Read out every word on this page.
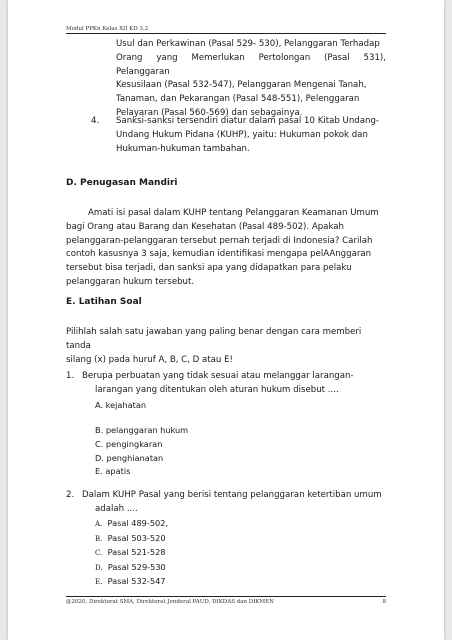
Modul PPKn Kelas XII KD 3.2
Usul dan Perkawinan (Pasal 529- 530), Pelanggaran Terhadap
Orang yang Memerlukan Pertolongan (Pasal 531), Pelanggaran
Kesusilaan (Pasal 532-547), Pelanggaran Mengenai Tanah,
Tanaman, dan Pekarangan (Pasal 548-551), Pelenggaran
Pelayaran (Pasal 560-569) dan sebagainya.
4.	Sanksi-sanksi tersendiri diatur dalam pasal 10 Kitab Undang-
Undang Hukum Pidana (KUHP), yaitu: Hukuman pokok dan
Hukuman-hukuman tambahan.
D. Penugasan Mandiri
Amati isi pasal dalam KUHP tentang Pelanggaran Keamanan Umum
bagi Orang atau Barang dan Kesehatan (Pasal 489-502). Apakah
pelanggaran-pelanggaran tersebut pernah terjadi di Indonesia? Carilah
contoh kasusnya 3 saja, kemudian identifikasi mengapa pelAAnggaran
tersebut bisa terjadi, dan sanksi apa yang didapatkan para pelaku
pelanggaran hukum tersebut.
E. Latihan Soal
Pilihlah salah satu jawaban yang paling benar dengan cara memberi tanda
silang (x) pada huruf A, B, C, D atau E!
1. Berupa perbuatan yang tidak sesuai atau melanggar larangan-
larangan yang ditentukan oleh aturan hukum disebut ....
A. kejahatan
B. pelanggaran hukum
C. pengingkaran
D. penghianatan
E. apatis
2. Dalam KUHP Pasal yang berisi tentang pelanggaran ketertiban umum
adalah ....
A. Pasal 489-502,
B. Pasal 503-520
C. Pasal 521-528
D. Pasal 529-530
E. Pasal 532-547
@2020, Direktorat SMA, Direktorat Jenderal PAUD, DIKDAS dan DIKMEN	8
